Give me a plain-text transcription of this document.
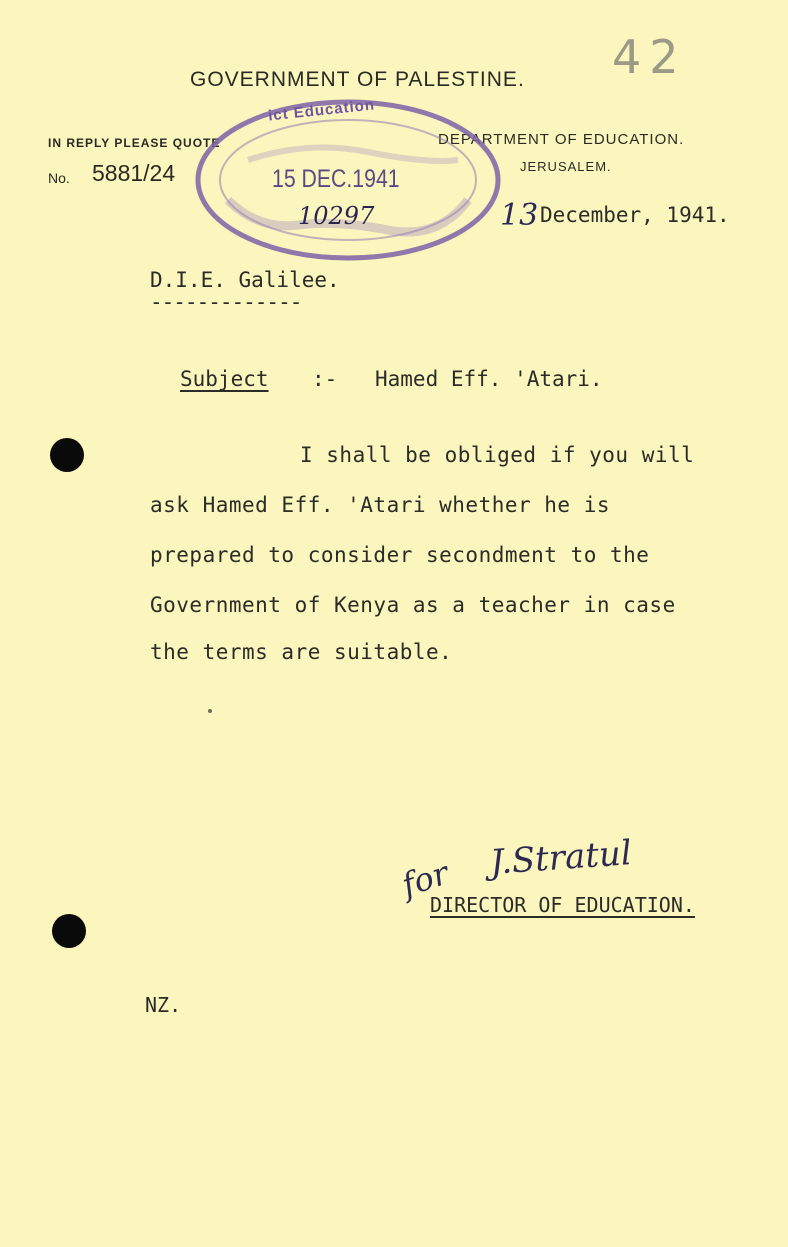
42
GOVERNMENT OF PALESTINE.
IN REPLY PLEASE QUOTE
No. 5881/24
DEPARTMENT OF EDUCATION.
JERUSALEM.
ict Education
15 DEC.1941
10297	13 December, 1941.
D.I.E. Galilee.
-------------
Subject :- Hamed Eff. 'Atari.
I shall be obliged if you will
ask Hamed Eff. 'Atari whether he is
prepared to consider secondment to the
Government of Kenya as a teacher in case
the terms are suitable.
for J.Stratul
DIRECTOR OF EDUCATION.
NZ.
